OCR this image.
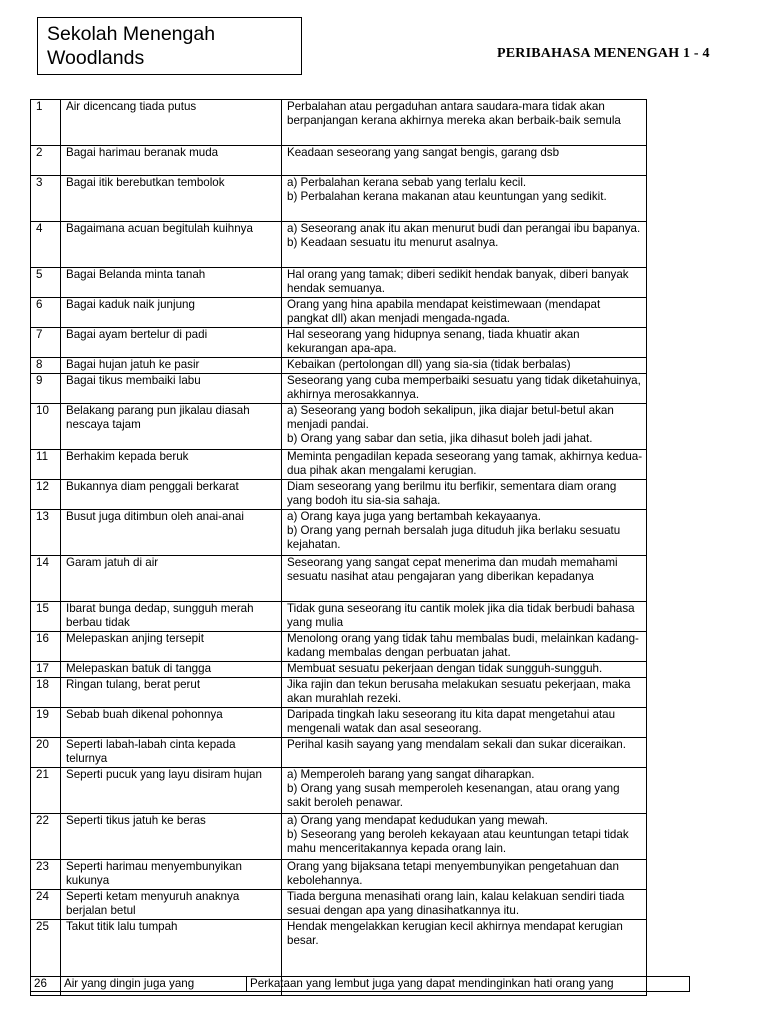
Sekolah Menengah
Woodlands	PERIBAHASA MENENGAH 1 - 4
1	Air dicencang tiada putus	Perbalahan atau pergaduhan antara saudara-mara tidak akan berpanjangan kerana akhirnya mereka akan berbaik-baik semula

2	Bagai harimau beranak muda	Keadaan seseorang yang sangat bengis, garang dsb

3	Bagai itik berebutkan tembolok	a) Perbalahan kerana sebab yang terlalu kecil.
b) Perbalahan kerana makanan atau keuntungan yang sedikit.

4	Bagaimana acuan begitulah kuihnya	a) Seseorang anak itu akan menurut budi dan perangai ibu bapanya.
b) Keadaan sesuatu itu menurut asalnya.

5	Bagai Belanda minta tanah	Hal orang yang tamak; diberi sedikit hendak banyak, diberi banyak hendak semuanya.

6	Bagai kaduk naik junjung	Orang yang hina apabila mendapat keistimewaan (mendapat pangkat dll) akan menjadi mengada-ngada.

7	Bagai ayam bertelur di padi	Hal seseorang yang hidupnya senang, tiada khuatir akan kekurangan apa-apa.

8	Bagai hujan jatuh ke pasir	Kebaikan (pertolongan dll) yang sia-sia (tidak berbalas)

9	Bagai tikus membaiki labu	Seseorang yang cuba memperbaiki sesuatu yang tidak diketahuinya, akhirnya merosakkannya.

10	Belakang parang pun jikalau diasah nescaya tajam	a) Seseorang yang bodoh sekalipun, jika diajar betul-betul akan menjadi pandai.
b) Orang yang sabar dan setia, jika dihasut boleh jadi jahat.

11	Berhakim kepada beruk	Meminta pengadilan kepada seseorang yang tamak, akhirnya kedua-dua pihak akan mengalami kerugian.

12	Bukannya diam penggali berkarat	Diam seseorang yang berilmu itu berfikir, sementara diam orang yang bodoh itu sia-sia sahaja.

13	Busut juga ditimbun oleh anai-anai	a) Orang kaya juga yang bertambah kekayaanya.
b) Orang yang pernah bersalah juga dituduh jika berlaku sesuatu kejahatan.

14	Garam jatuh di air	Seseorang yang sangat cepat menerima dan mudah memahami sesuatu nasihat atau pengajaran yang diberikan kepadanya

15	Ibarat bunga dedap, sungguh merah berbau tidak	Tidak guna seseorang itu cantik molek jika dia tidak berbudi bahasa yang mulia

16	Melepaskan anjing tersepit	Menolong orang yang tidak tahu membalas budi, melainkan kadang-kadang membalas dengan perbuatan jahat.

17	Melepaskan batuk di tangga	Membuat sesuatu pekerjaan dengan tidak sungguh-sungguh.

18	Ringan tulang, berat perut	Jika rajin dan tekun berusaha melakukan sesuatu pekerjaan, maka akan murahlah rezeki.

19	Sebab buah dikenal pohonnya	Daripada tingkah laku seseorang itu kita dapat mengetahui atau mengenali watak dan asal seseorang.

20	Seperti labah-labah cinta kepada telurnya	Perihal kasih sayang yang mendalam sekali dan sukar diceraikan.

21	Seperti pucuk yang layu disiram hujan	a) Memperoleh barang yang sangat diharapkan.
b) Orang yang susah memperoleh kesenangan, atau orang yang sakit beroleh penawar.

22	Seperti tikus jatuh ke beras	a) Orang yang mendapat kedudukan yang mewah.
b) Seseorang yang beroleh kekayaan atau keuntungan tetapi tidak mahu menceritakannya kepada orang lain.

23	Seperti harimau menyembunyikan kukunya	Orang yang bijaksana tetapi menyembunyikan pengetahuan dan kebolehannya.

24	Seperti ketam menyuruh anaknya berjalan betul	Tiada berguna menasihati orang lain, kalau kelakuan sendiri tiada sesuai dengan apa yang dinasihatkannya itu.

25	Takut titik lalu tumpah	Hendak mengelakkan kerugian kecil akhirnya mendapat kerugian besar.
26	Air yang dingin juga yang	Perkataan yang lembut juga yang dapat mendinginkan hati orang yang
